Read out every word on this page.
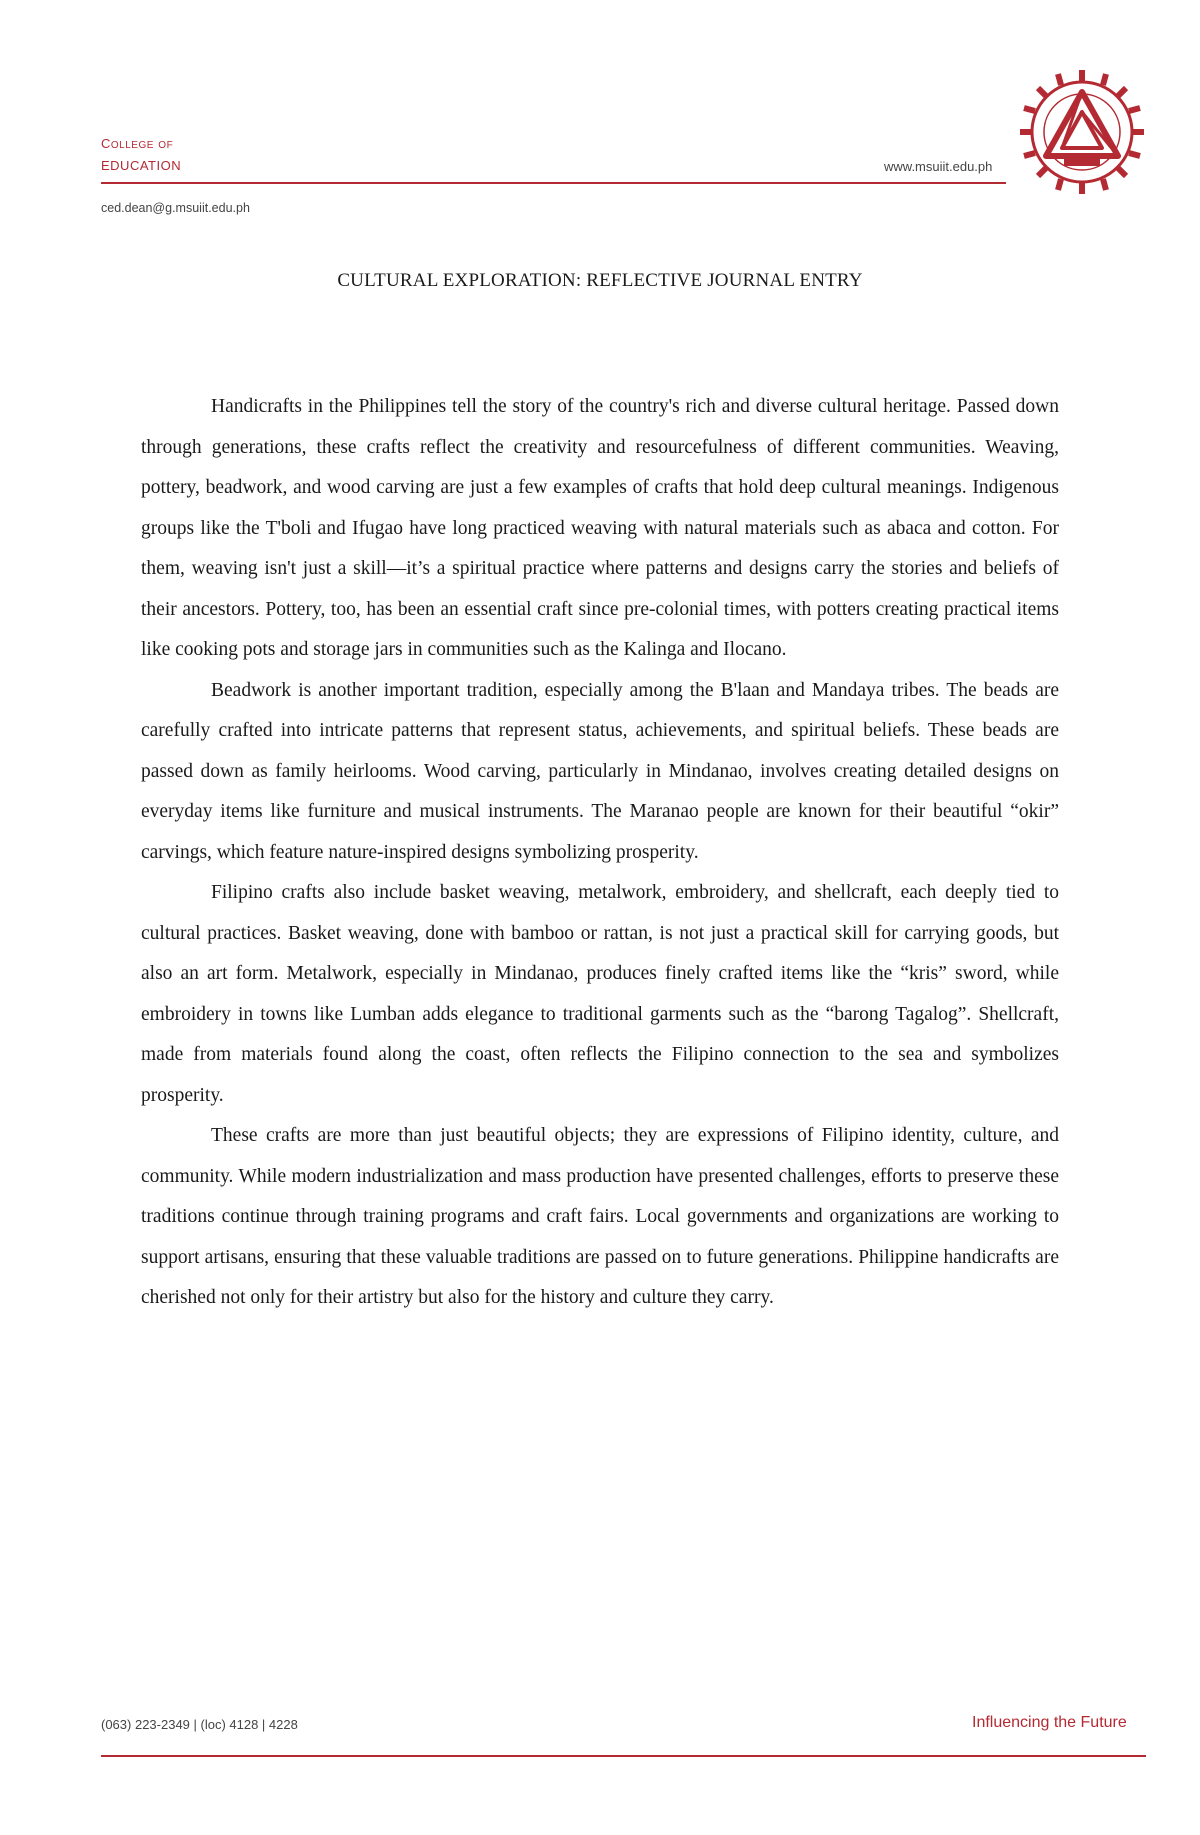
college of
education	www.msuiit.edu.ph
ced.dean@g.msuiit.edu.ph
CULTURAL EXPLORATION: REFLECTIVE JOURNAL ENTRY

Handicrafts in the Philippines tell the story of the country's rich and diverse cultural heritage. Passed down through generations, these crafts reflect the creativity and resourcefulness of different communities. Weaving, pottery, beadwork, and wood carving are just a few examples of crafts that hold deep cultural meanings. Indigenous groups like the T'boli and Ifugao have long practiced weaving with natural materials such as abaca and cotton. For them, weaving isn't just a skill—it’s a spiritual practice where patterns and designs carry the stories and beliefs of their ancestors. Pottery, too, has been an essential craft since pre-colonial times, with potters creating practical items like cooking pots and storage jars in communities such as the Kalinga and Ilocano.

Beadwork is another important tradition, especially among the B'laan and Mandaya tribes. The beads are carefully crafted into intricate patterns that represent status, achievements, and spiritual beliefs. These beads are passed down as family heirlooms. Wood carving, particularly in Mindanao, involves creating detailed designs on everyday items like furniture and musical instruments. The Maranao people are known for their beautiful “okir” carvings, which feature nature-inspired designs symbolizing prosperity.

Filipino crafts also include basket weaving, metalwork, embroidery, and shellcraft, each deeply tied to cultural practices. Basket weaving, done with bamboo or rattan, is not just a practical skill for carrying goods, but also an art form. Metalwork, especially in Mindanao, produces finely crafted items like the “kris” sword, while embroidery in towns like Lumban adds elegance to traditional garments such as the “barong Tagalog”. Shellcraft, made from materials found along the coast, often reflects the Filipino connection to the sea and symbolizes prosperity.

These crafts are more than just beautiful objects; they are expressions of Filipino identity, culture, and community. While modern industrialization and mass production have presented challenges, efforts to preserve these traditions continue through training programs and craft fairs. Local governments and organizations are working to support artisans, ensuring that these valuable traditions are passed on to future generations. Philippine handicrafts are cherished not only for their artistry but also for the history and culture they carry.

(063) 223-2349 | (loc) 4128 | 4228	Influencing the Future
